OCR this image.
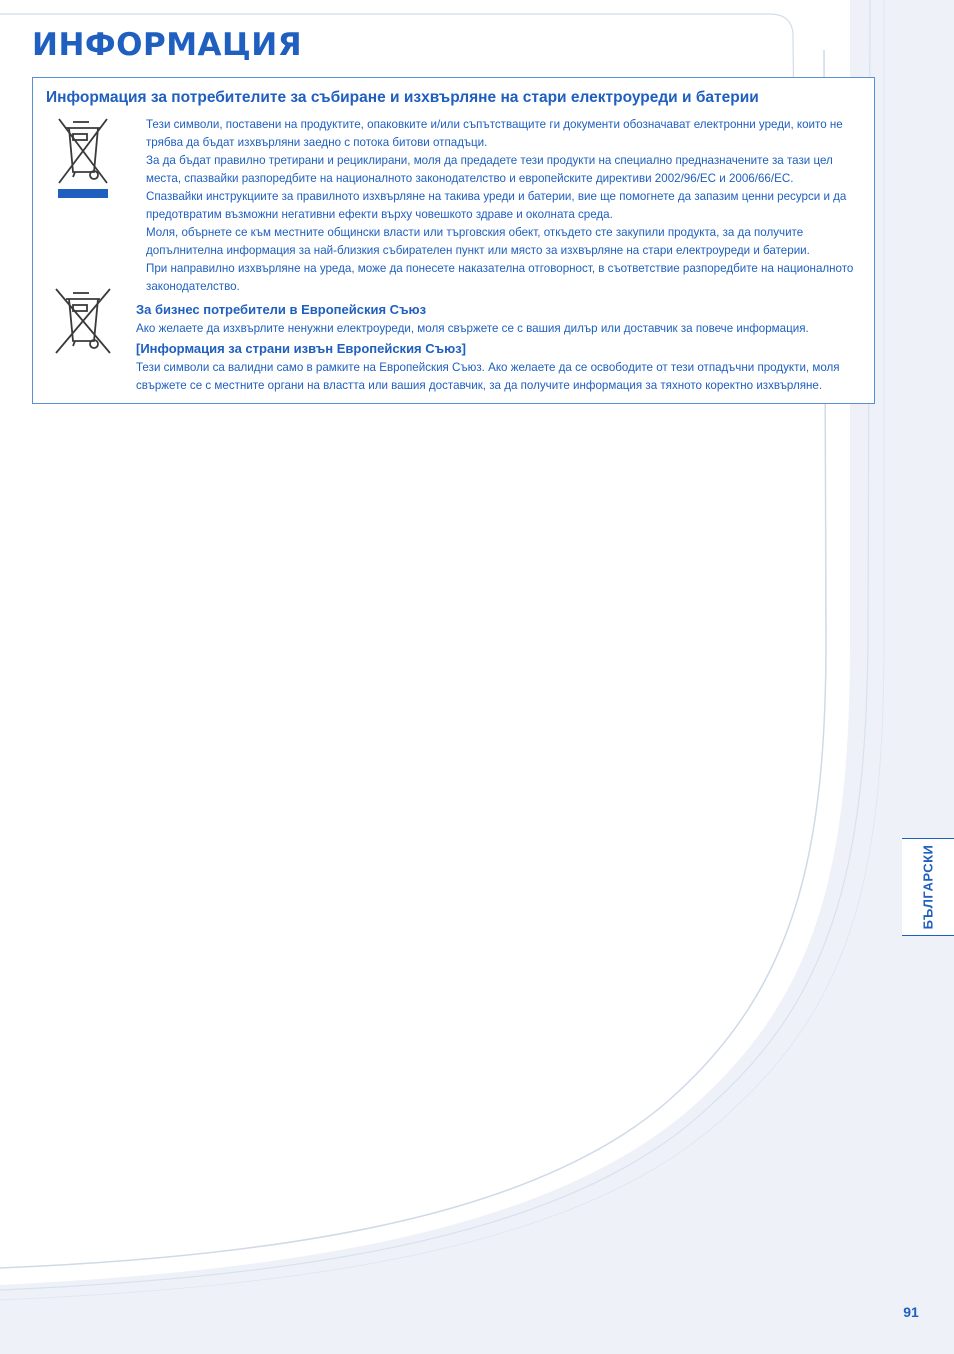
ИНФОРМАЦИЯ
Информация за потребителите за събиране и изхвърляне на стари електроуреди и батерии

Тези символи, поставени на продуктите, опаковките и/или съпътстващите ги документи обозначават електронни уреди, които не трябва да бъдат изхвърляни заедно с потока битови отпадъци.

За да бъдат правилно третирани и рециклирани, моля да предадете тези продукти на специално предназначените за тази цел места, спазвайки разпоредбите на националното законодателство и европейските директиви 2002/96/ЕС и 2006/66/ЕС.

Спазвайки инструкциите за правилното изхвърляне на такива уреди и батерии, вие ще помогнете да запазим ценни ресурси и да предотвратим възможни негативни ефекти върху човешкото здраве и околната среда.

Моля, обърнете се към местните общински власти или търговския обект, откъдето сте закупили продукта, за да получите допълнителна информация за най-близкия събирателен пункт или място за изхвърляне на стари електроуреди и батерии.

При направилно изхвърляне на уреда, може да понесете наказателна отговорност, в съответствие разпоредбите на националното законодателство.

За бизнес потребители в Европейския Съюз

Ако желаете да изхвърлите ненужни електроуреди, моля свържете се с вашия дилър или доставчик за повече информация.

[Информация за страни извън Европейския Съюз]

Тези символи са валидни само в рамките на Европейския Съюз. Ако желаете да се освободите от тези отпадъчни продукти, моля свържете се с местните органи на властта или вашия доставчик, за да получите информация за тяхното коректно изхвърляне.

БЪЛГАРСКИ
91
